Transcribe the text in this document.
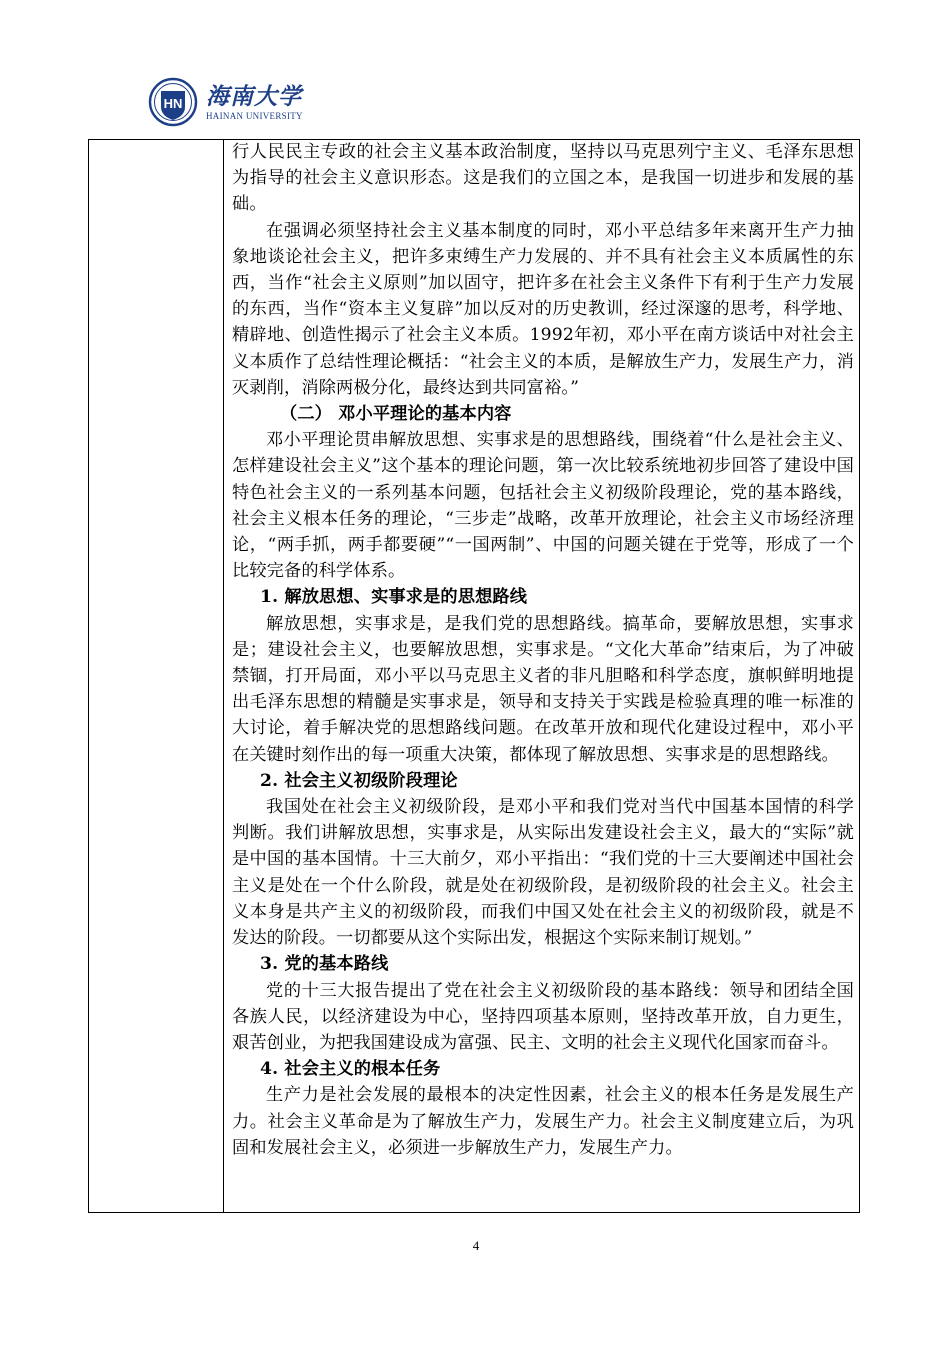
HN 海南大学
HAINAN UNIVERSITY

行人民民主专政的社会主义基本政治制度，坚持以马克思列宁主义、毛泽东思想为指导的社会主义意识形态。这是我们的立国之本，是我国一切进步和发展的基础。

在强调必须坚持社会主义基本制度的同时，邓小平总结多年来离开生产力抽象地谈论社会主义，把许多束缚生产力发展的、并不具有社会主义本质属性的东西，当作“社会主义原则”加以固守，把许多在社会主义条件下有利于生产力发展的东西，当作“资本主义复辟”加以反对的历史教训，经过深邃的思考，科学地、精辟地、创造性揭示了社会主义本质。1992年初，邓小平在南方谈话中对社会主义本质作了总结性理论概括：“社会主义的本质，是解放生产力，发展生产力，消灭剥削，消除两极分化，最终达到共同富裕。”

（二） 邓小平理论的基本内容

邓小平理论贯串解放思想、实事求是的思想路线，围绕着“什么是社会主义、怎样建设社会主义”这个基本的理论问题，第一次比较系统地初步回答了建设中国特色社会主义的一系列基本问题，包括社会主义初级阶段理论，党的基本路线，社会主义根本任务的理论，“三步走”战略，改革开放理论，社会主义市场经济理论，“两手抓，两手都要硬”“一国两制”、中国的问题关键在于党等，形成了一个比较完备的科学体系。

1. 解放思想、实事求是的思想路线

解放思想，实事求是，是我们党的思想路线。搞革命，要解放思想，实事求是；建设社会主义，也要解放思想，实事求是。“文化大革命”结束后，为了冲破禁锢，打开局面，邓小平以马克思主义者的非凡胆略和科学态度，旗帜鲜明地提出毛泽东思想的精髓是实事求是，领导和支持关于实践是检验真理的唯一标准的大讨论，着手解决党的思想路线问题。在改革开放和现代化建设过程中，邓小平在关键时刻作出的每一项重大决策，都体现了解放思想、实事求是的思想路线。

2. 社会主义初级阶段理论

我国处在社会主义初级阶段，是邓小平和我们党对当代中国基本国情的科学判断。我们讲解放思想，实事求是，从实际出发建设社会主义，最大的“实际”就是中国的基本国情。十三大前夕，邓小平指出：“我们党的十三大要阐述中国社会主义是处在一个什么阶段，就是处在初级阶段，是初级阶段的社会主义。社会主义本身是共产主义的初级阶段，而我们中国又处在社会主义的初级阶段，就是不发达的阶段。一切都要从这个实际出发，根据这个实际来制订规划。”

3. 党的基本路线

党的十三大报告提出了党在社会主义初级阶段的基本路线：领导和团结全国各族人民，以经济建设为中心，坚持四项基本原则，坚持改革开放，自力更生，艰苦创业，为把我国建设成为富强、民主、文明的社会主义现代化国家而奋斗。

4. 社会主义的根本任务

生产力是社会发展的最根本的决定性因素，社会主义的根本任务是发展生产力。社会主义革命是为了解放生产力，发展生产力。社会主义制度建立后，为巩固和发展社会主义，必须进一步解放生产力，发展生产力。

4
